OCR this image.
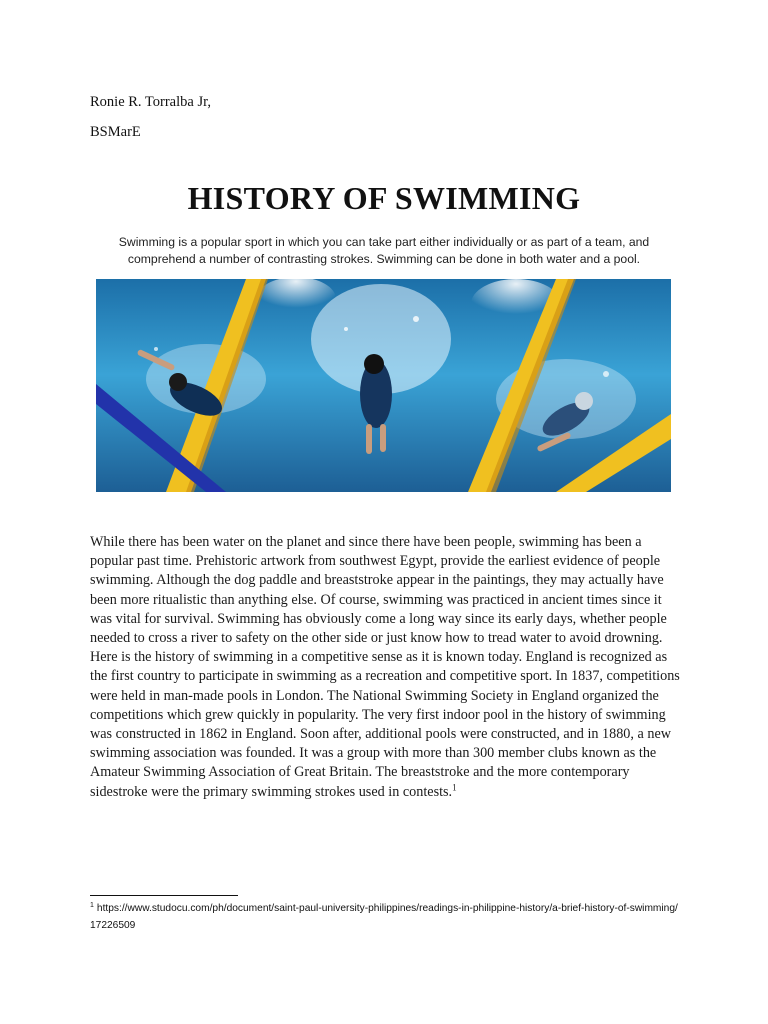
Ronie R. Torralba Jr,
BSMarE
HISTORY OF SWIMMING
Swimming is a popular sport in which you can take part either individually or as part of a team, and comprehend a number of contrasting strokes. Swimming can be done in both water and a pool.
While there has been water on the planet and since there have been people, swimming has been a popular past time. Prehistoric artwork from southwest Egypt, provide the earliest evidence of people swimming. Although the dog paddle and breaststroke appear in the paintings, they may actually have been more ritualistic than anything else. Of course, swimming was practiced in ancient times since it was vital for survival. Swimming has obviously come a long way since its early days, whether people needed to cross a river to safety on the other side or just know how to tread water to avoid drowning. Here is the history of swimming in a competitive sense as it is known today. England is recognized as the first country to participate in swimming as a recreation and competitive sport. In 1837, competitions were held in man-made pools in London. The National Swimming Society in England organized the competitions which grew quickly in popularity. The very first indoor pool in the history of swimming was constructed in 1862 in England. Soon after, additional pools were constructed, and in 1880, a new swimming association was founded. It was a group with more than 300 member clubs known as the Amateur Swimming Association of Great Britain. The breaststroke and the more contemporary sidestroke were the primary swimming strokes used in contests.$^1$
$^1$ https://www.studocu.com/ph/document/saint-paul-university-philippines/readings-in-philippine-history/a-brief-history-of-swimming/17226509
